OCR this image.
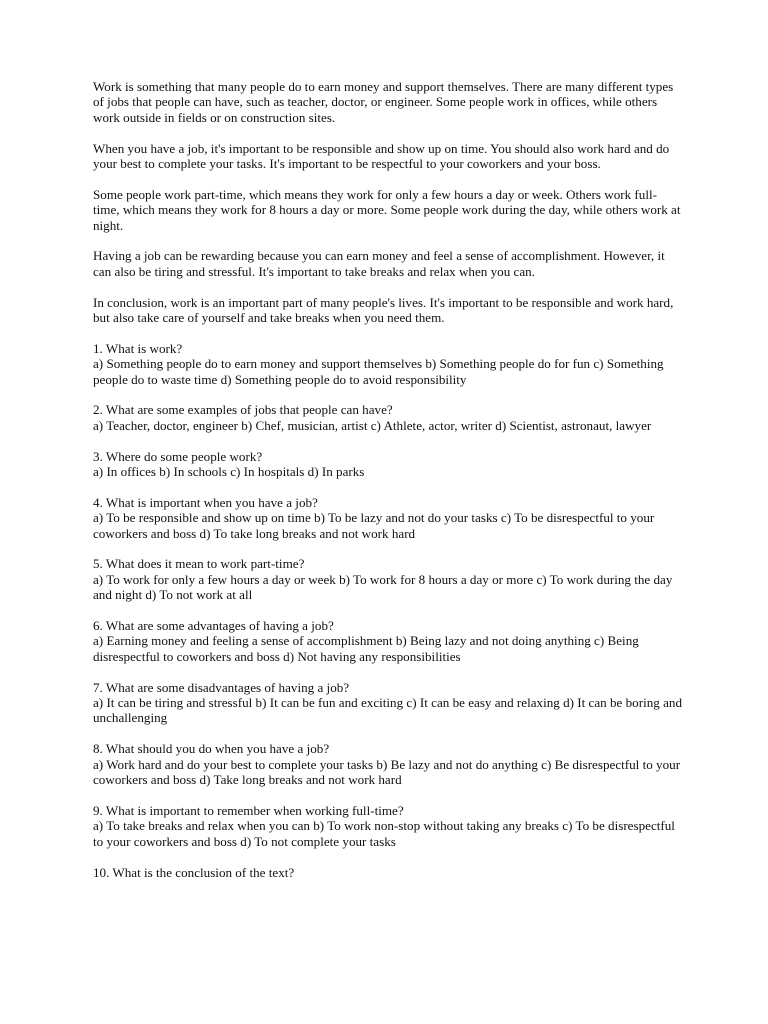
Work is something that many people do to earn money and support themselves. There are many different types of jobs that people can have, such as teacher, doctor, or engineer. Some people work in offices, while others work outside in fields or on construction sites.

When you have a job, it's important to be responsible and show up on time. You should also work hard and do your best to complete your tasks. It's important to be respectful to your coworkers and your boss.

Some people work part-time, which means they work for only a few hours a day or week. Others work full-time, which means they work for 8 hours a day or more. Some people work during the day, while others work at night.

Having a job can be rewarding because you can earn money and feel a sense of accomplishment. However, it can also be tiring and stressful. It's important to take breaks and relax when you can.

In conclusion, work is an important part of many people's lives. It's important to be responsible and work hard, but also take care of yourself and take breaks when you need them.

1. What is work?
a) Something people do to earn money and support themselves b) Something people do for fun c) Something people do to waste time d) Something people do to avoid responsibility
2. What are some examples of jobs that people can have?
a) Teacher, doctor, engineer b) Chef, musician, artist c) Athlete, actor, writer d) Scientist, astronaut, lawyer
3. Where do some people work?
a) In offices b) In schools c) In hospitals d) In parks
4. What is important when you have a job?
a) To be responsible and show up on time b) To be lazy and not do your tasks c) To be disrespectful to your coworkers and boss d) To take long breaks and not work hard
5. What does it mean to work part-time?
a) To work for only a few hours a day or week b) To work for 8 hours a day or more c) To work during the day and night d) To not work at all
6. What are some advantages of having a job?
a) Earning money and feeling a sense of accomplishment b) Being lazy and not doing anything c) Being disrespectful to coworkers and boss d) Not having any responsibilities
7. What are some disadvantages of having a job?
a) It can be tiring and stressful b) It can be fun and exciting c) It can be easy and relaxing d) It can be boring and unchallenging
8. What should you do when you have a job?
a) Work hard and do your best to complete your tasks b) Be lazy and not do anything c) Be disrespectful to your coworkers and boss d) Take long breaks and not work hard
9. What is important to remember when working full-time?
a) To take breaks and relax when you can b) To work non-stop without taking any breaks c) To be disrespectful to your coworkers and boss d) To not complete your tasks
10. What is the conclusion of the text?
